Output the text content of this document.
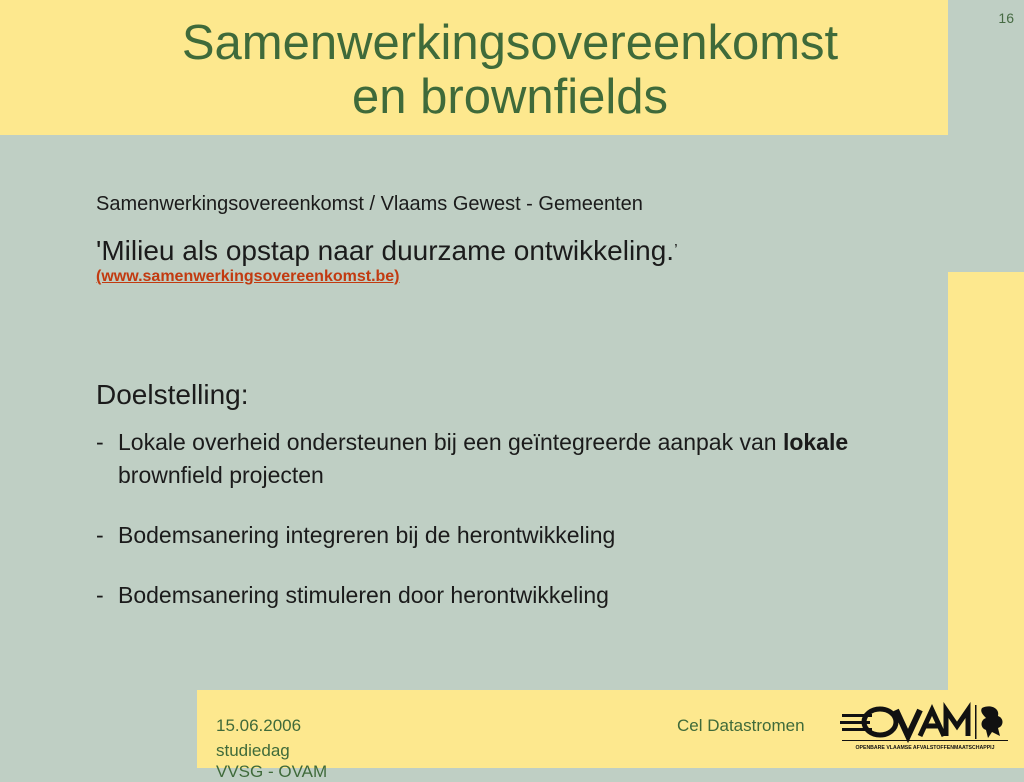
16
Samenwerkingsovereenkomst
en brownfields

Samenwerkingsovereenkomst / Vlaams Gewest - Gemeenten

'Milieu als opstap naar duurzame ontwikkeling.’

(www.samenwerkingsovereenkomst.be)
Doelstelling:
- Lokale overheid ondersteunen bij een geïntegreerde aanpak van lokale brownfield projecten
- Bodemsanering integreren bij de herontwikkeling
- Bodemsanering stimuleren door herontwikkeling
15.06.2006
studiedag
VVSG - OVAM
Cel Datastromen
OPENBARE VLAAMSE AFVALSTOFFENMAATSCHAPPIJ
